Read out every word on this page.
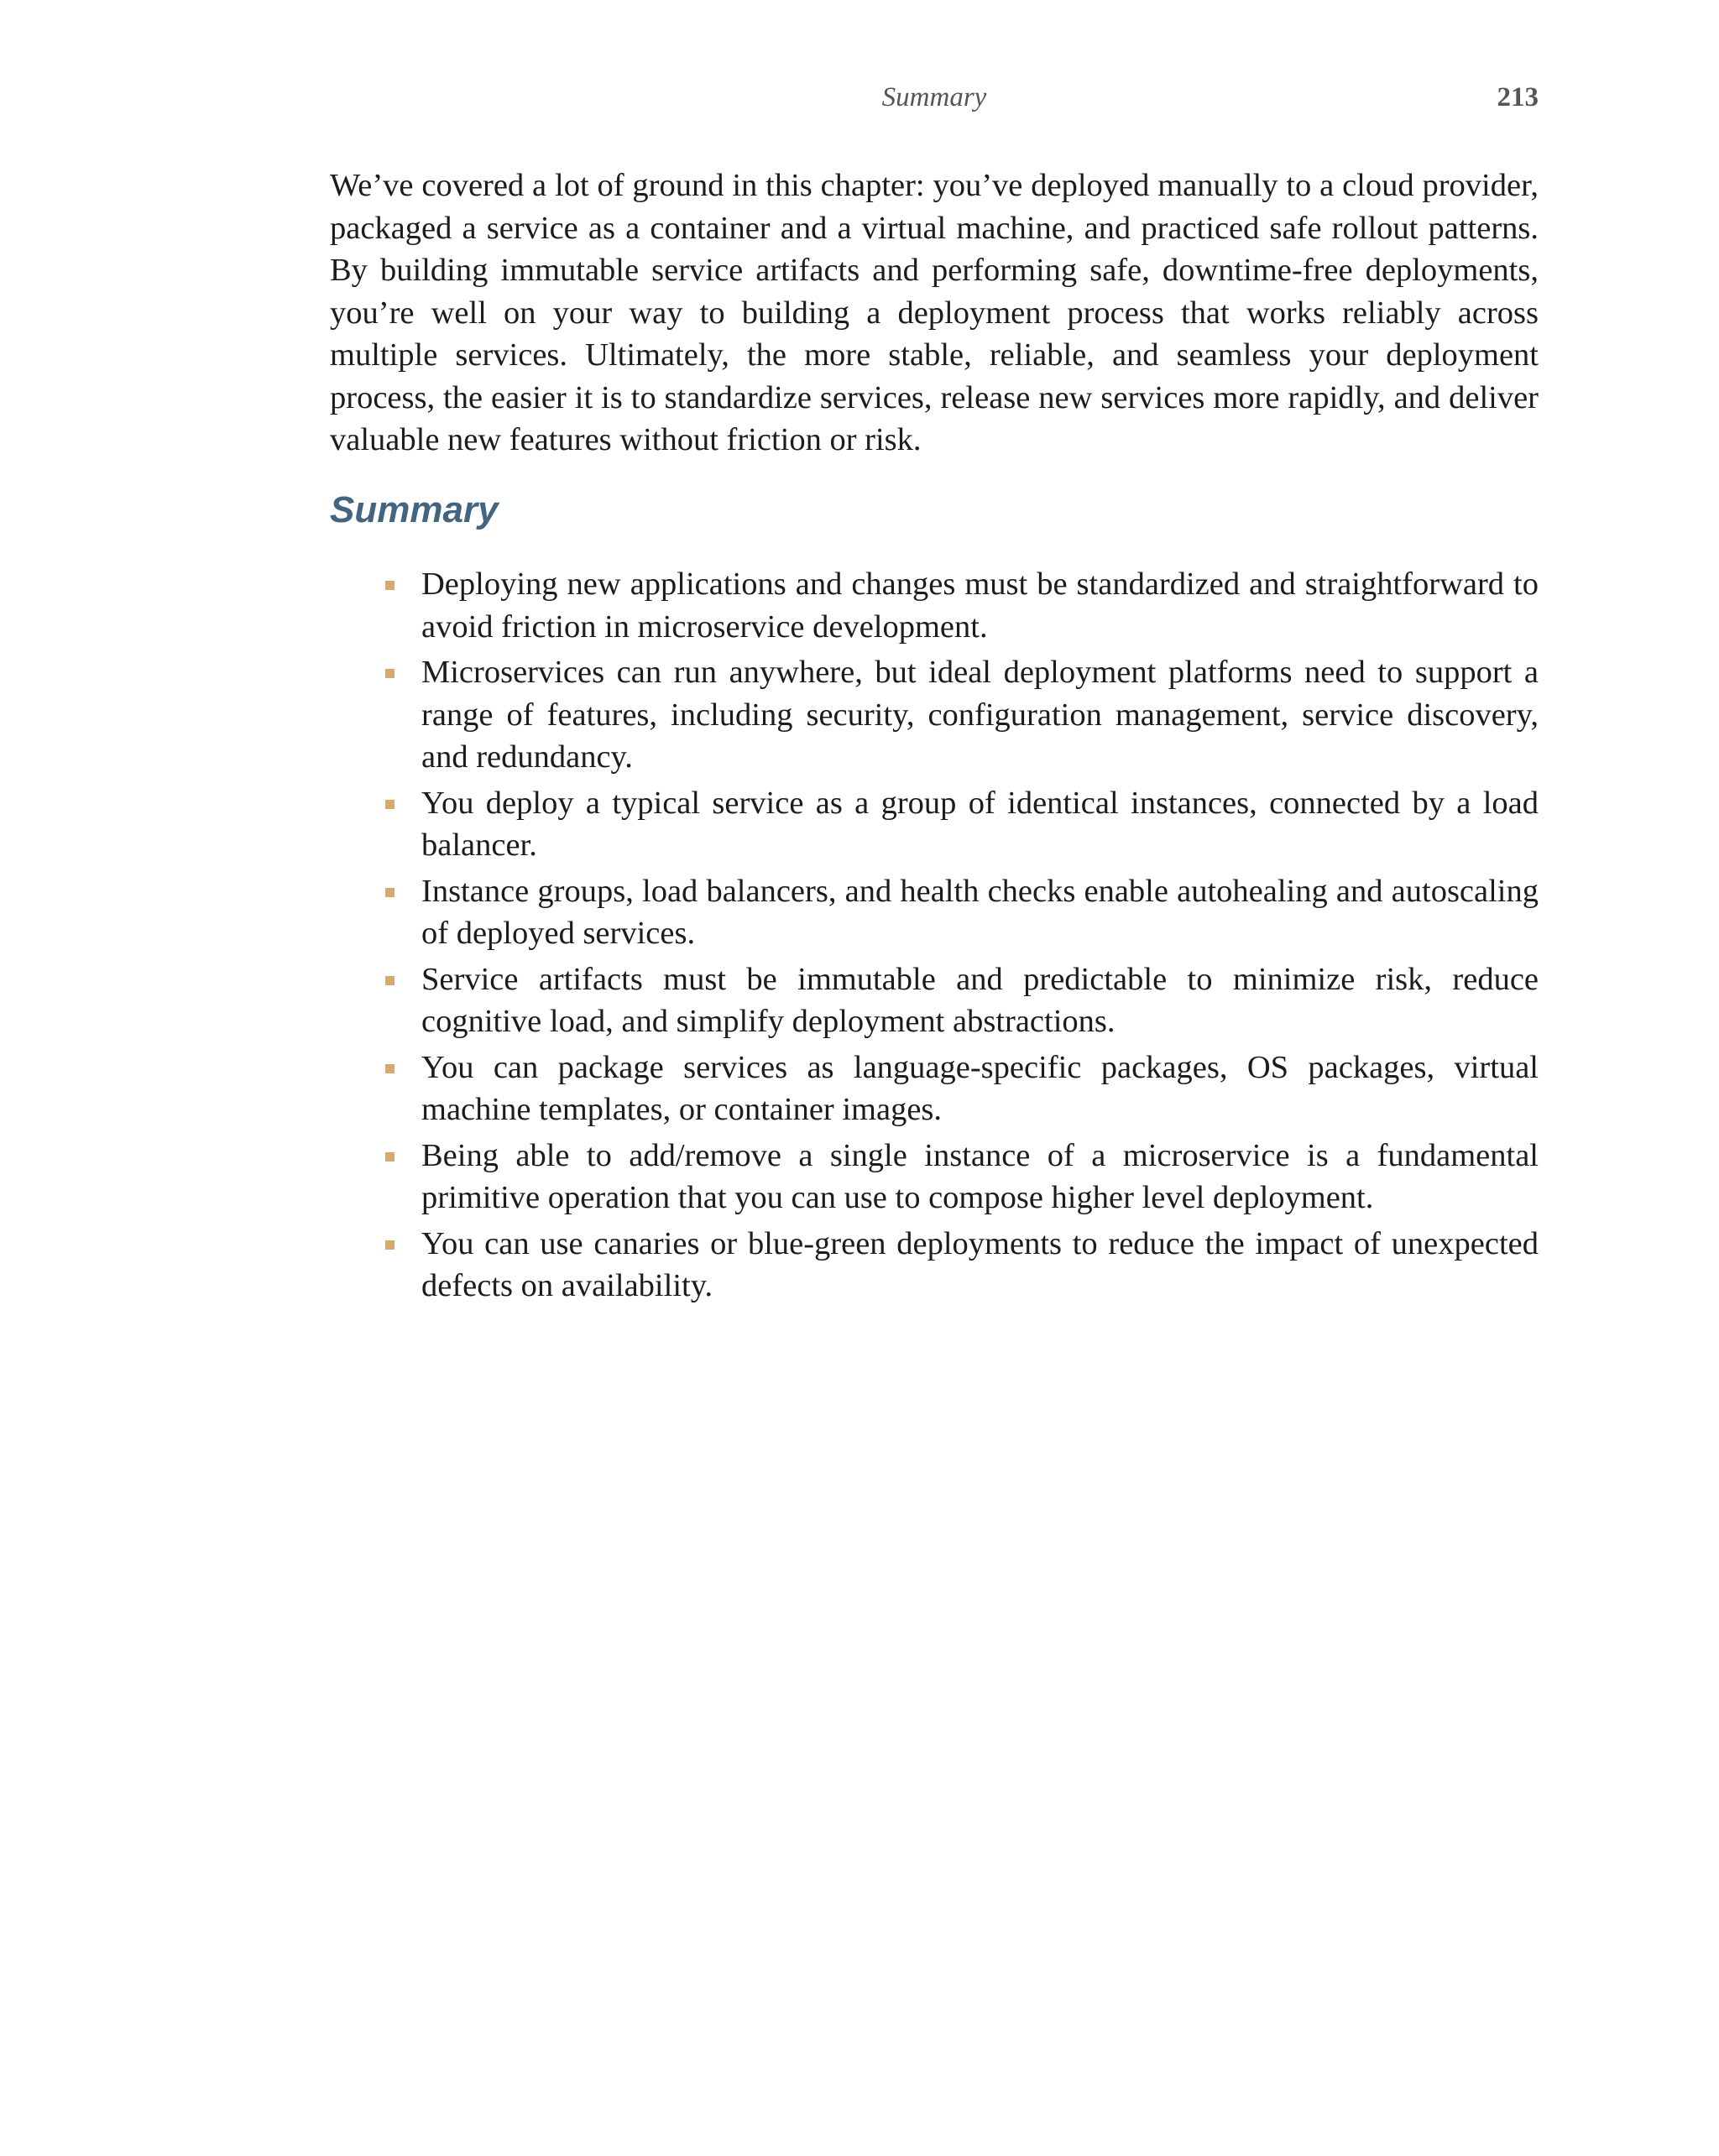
Summary	213

We’ve covered a lot of ground in this chapter: you’ve deployed manually to a cloud provider, packaged a service as a container and a virtual machine, and practiced safe rollout patterns. By building immutable service artifacts and performing safe, downtime-free deployments, you’re well on your way to building a deployment process that works reliably across multiple services. Ultimately, the more stable, reliable, and seamless your deployment process, the easier it is to standardize services, release new services more rapidly, and deliver valuable new features without friction or risk.

Summary
Deploying new applications and changes must be standardized and straightforward to avoid friction in microservice development.
Microservices can run anywhere, but ideal deployment platforms need to support a range of features, including security, configuration management, service discovery, and redundancy.
You deploy a typical service as a group of identical instances, connected by a load balancer.
Instance groups, load balancers, and health checks enable autohealing and autoscaling of deployed services.
Service artifacts must be immutable and predictable to minimize risk, reduce cognitive load, and simplify deployment abstractions.
You can package services as language-specific packages, OS packages, virtual machine templates, or container images.
Being able to add/remove a single instance of a microservice is a fundamental primitive operation that you can use to compose higher level deployment.
You can use canaries or blue-green deployments to reduce the impact of unexpected defects on availability.
